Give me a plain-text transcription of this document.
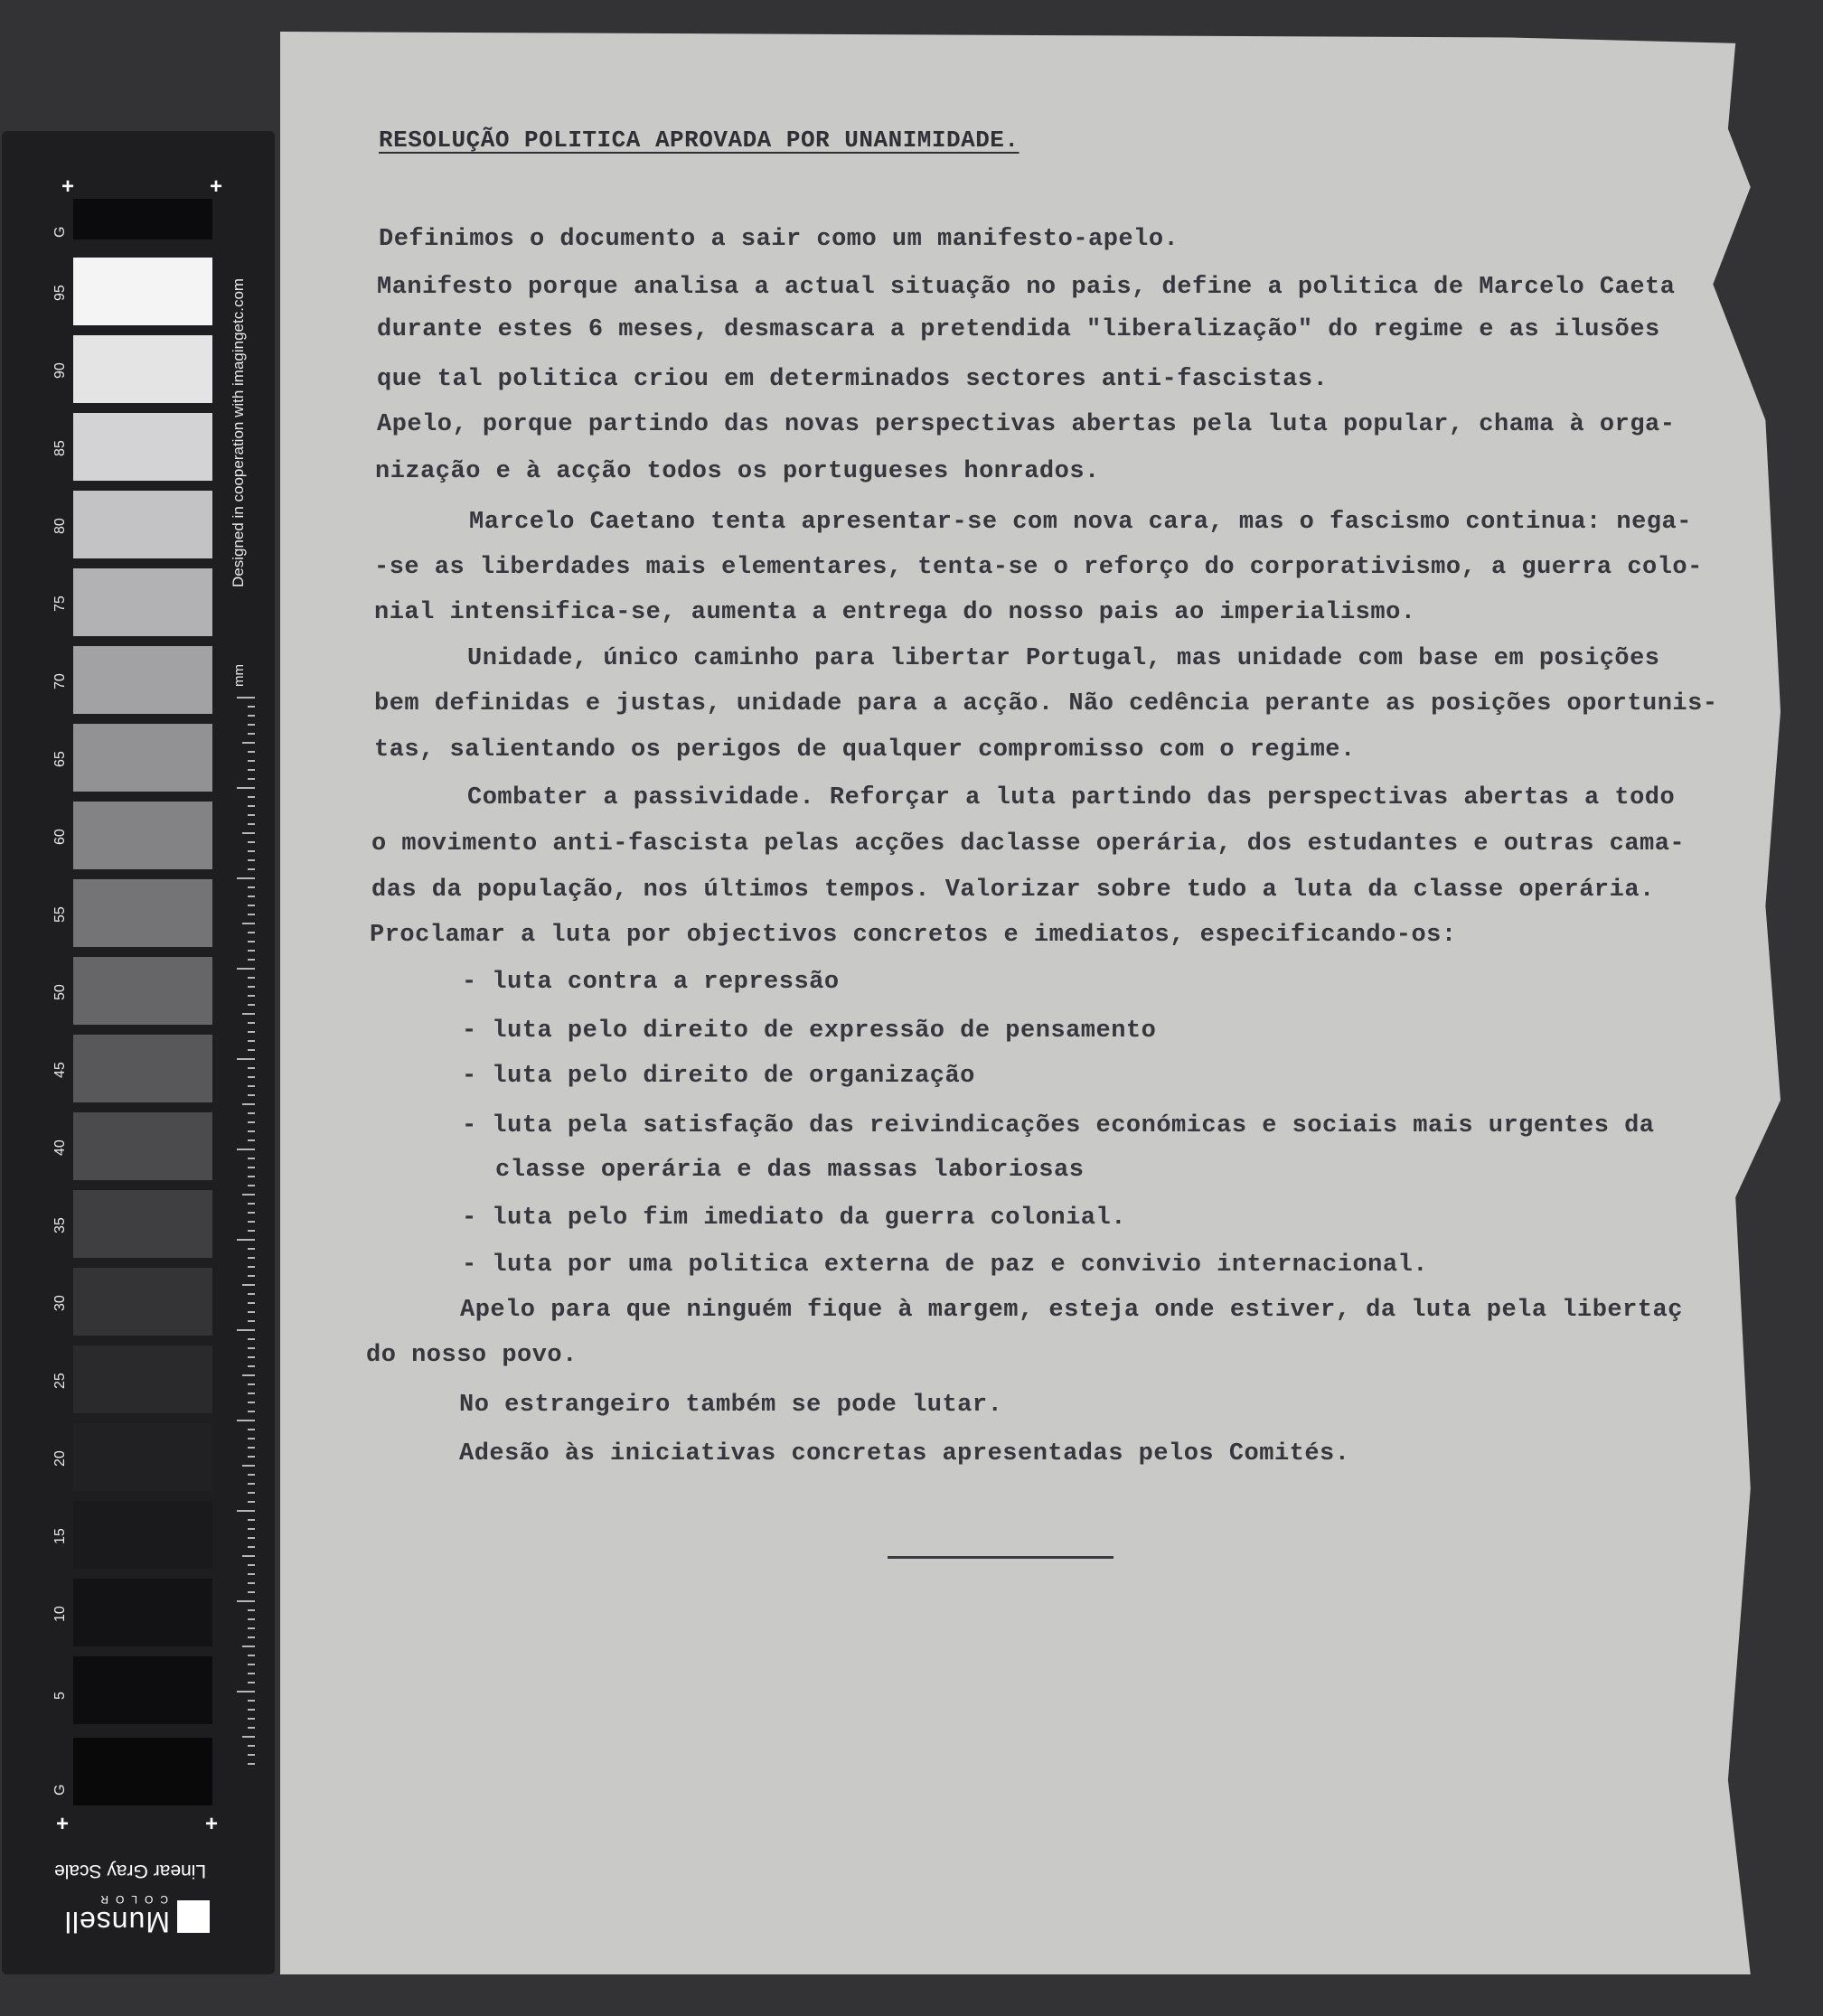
G
+	+
95
90
85
80
75
70
65
60
55
50
45
40
35
30
25
20
15
10
5
G
+	+
Designed in cooperation with imagingetc.com
mm
Linear Gray Scale
Munsell
COLOR
RESOLUÇÃO POLITICA APROVADA POR UNANIMIDADE.

Definimos o documento a sair como um manifesto-apelo.

Manifesto porque analisa a actual situação no pais, define a politica de Marcelo Caeta

durante estes 6 meses, desmascara a pretendida "liberalização" do regime e as ilusões

que tal politica criou em determinados sectores anti-fascistas.

Apelo, porque partindo das novas perspectivas abertas pela luta popular, chama à orga-

nização e à acção todos os portugueses honrados.

Marcelo Caetano tenta apresentar-se com nova cara, mas o fascismo continua: nega-

-se as liberdades mais elementares, tenta-se o reforço do corporativismo, a guerra colo-

nial intensifica-se, aumenta a entrega do nosso pais ao imperialismo.

Unidade, único caminho para libertar Portugal, mas unidade com base em posições

bem definidas e justas, unidade para a acção. Não cedência perante as posições oportunis-

tas, salientando os perigos de qualquer compromisso com o regime.

Combater a passividade. Reforçar a luta partindo das perspectivas abertas a todo

o movimento anti-fascista pelas acções daclasse operária, dos estudantes e outras cama-

das da população, nos últimos tempos. Valorizar sobre tudo a luta da classe operária.

Proclamar a luta por objectivos concretos e imediatos, especificando-os:

- luta contra a repressão

- luta pelo direito de expressão de pensamento

- luta pelo direito de organização

- luta pela satisfação das reivindicações económicas e sociais mais urgentes da

classe operária e das massas laboriosas

- luta pelo fim imediato da guerra colonial.

- luta por uma politica externa de paz e convivio internacional.

Apelo para que ninguém fique à margem, esteja onde estiver, da luta pela libertaç

do nosso povo.

No estrangeiro também se pode lutar.

Adesão às iniciativas concretas apresentadas pelos Comités.
